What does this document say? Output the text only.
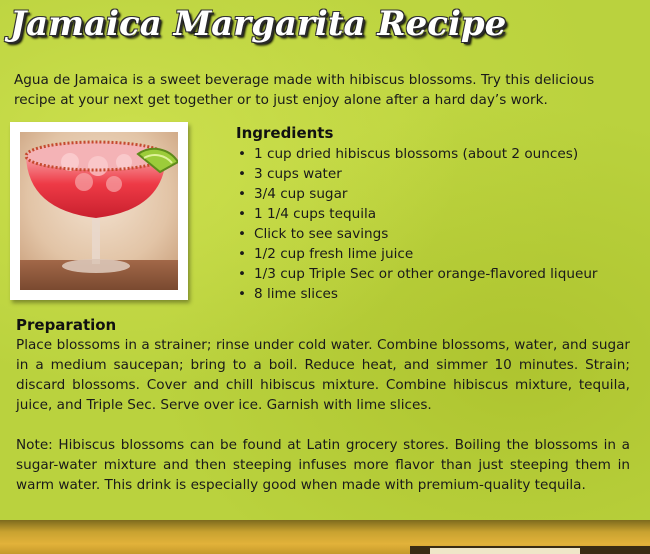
Jamaica Margarita Recipe

Agua de Jamaica is a sweet beverage made with hibiscus blossoms. Try this delicious recipe at your next get together or to just enjoy alone after a hard day’s work.

Ingredients
• 1 cup dried hibiscus blossoms (about 2 ounces)
• 3 cups water
• 3/4 cup sugar
• 1 1/4 cups tequila
• Click to see savings
• 1/2 cup fresh lime juice
• 1/3 cup Triple Sec or other orange-flavored liqueur
• 8 lime slices
Preparation

Place blossoms in a strainer; rinse under cold water. Combine blossoms, water, and sugar in a medium saucepan; bring to a boil. Reduce heat, and simmer 10 minutes. Strain; discard blossoms. Cover and chill hibiscus mixture. Combine hibiscus mixture, tequila, juice, and Triple Sec. Serve over ice. Garnish with lime slices.

Note: Hibiscus blossoms can be found at Latin grocery stores. Boiling the blossoms in a sugar-water mixture and then steeping infuses more flavor than just steeping them in warm water. This drink is especially good when made with premium-quality tequila.
